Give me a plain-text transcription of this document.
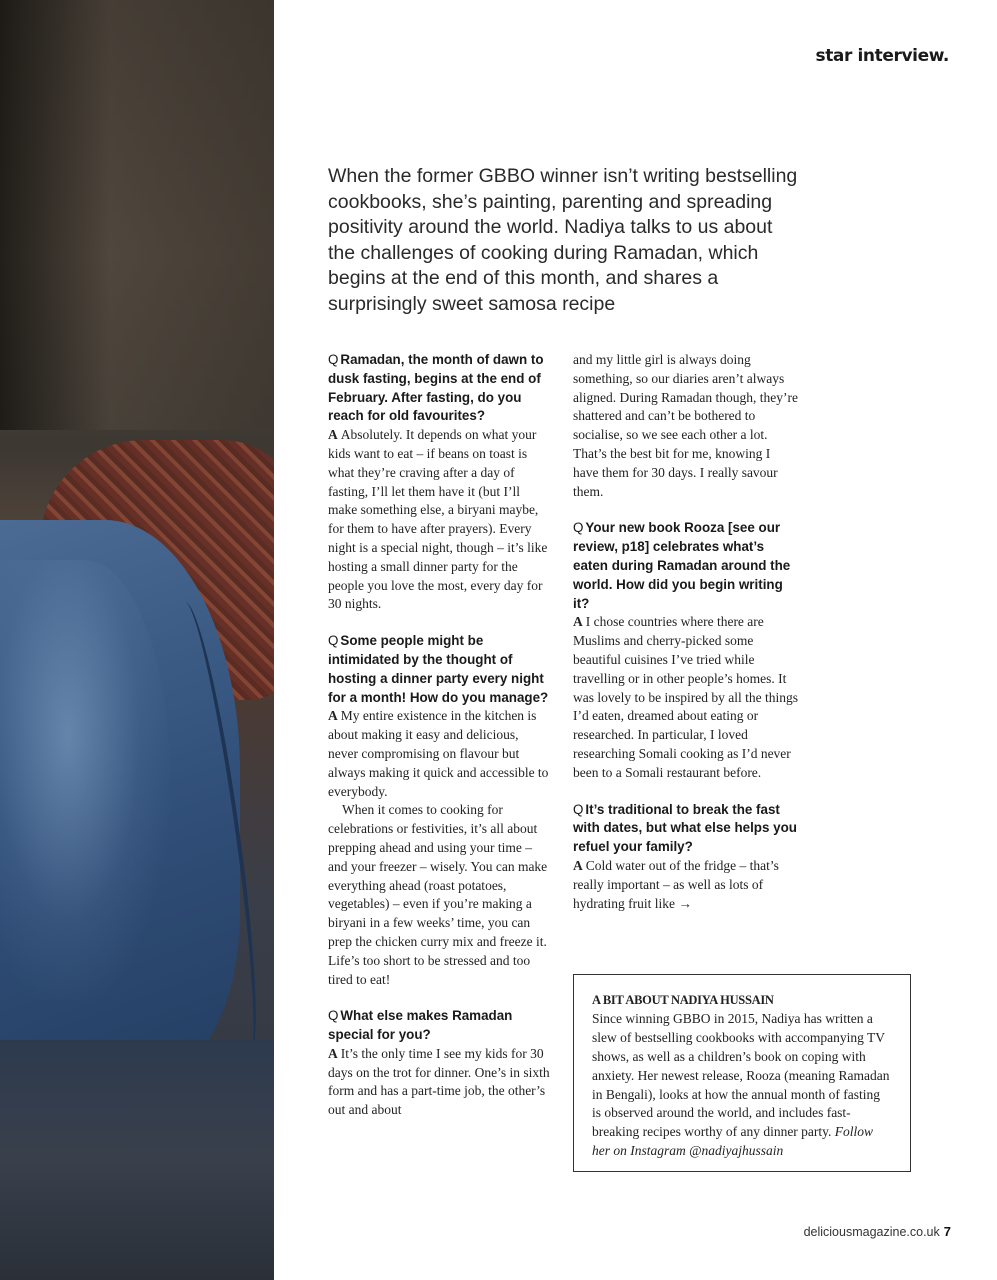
star interview.

When the former GBBO winner isn’t writing bestselling cookbooks, she’s painting, parenting and spreading positivity around the world. Nadiya talks to us about the challenges of cooking during Ramadan, which begins at the end of this month, and shares a surprisingly sweet samosa recipe

Q Ramadan, the month of dawn to dusk fasting, begins at the end of February. After fasting, do you reach for old favourites?

A Absolutely. It depends on what your kids want to eat – if beans on toast is what they’re craving after a day of fasting, I’ll let them have it (but I’ll make something else, a biryani maybe, for them to have after prayers). Every night is a special night, though – it’s like hosting a small dinner party for the people you love the most, every day for 30 nights.

Q Some people might be intimidated by the thought of hosting a dinner party every night for a month! How do you manage?

A My entire existence in the kitchen is about making it easy and delicious, never compromising on flavour but always making it quick and accessible to everybody.

When it comes to cooking for celebrations or festivities, it’s all about prepping ahead and using your time – and your freezer – wisely. You can make everything ahead (roast potatoes, vegetables) – even if you’re making a biryani in a few weeks’ time, you can prep the chicken curry mix and freeze it. Life’s too short to be stressed and too tired to eat!

Q What else makes Ramadan special for you?

A It’s the only time I see my kids for 30 days on the trot for dinner. One’s in sixth form and has a part-time job, the other’s out and about

and my little girl is always doing something, so our diaries aren’t always aligned. During Ramadan though, they’re shattered and can’t be bothered to socialise, so we see each other a lot. That’s the best bit for me, knowing I have them for 30 days. I really savour them.

Q Your new book Rooza [see our review, p18] celebrates what’s eaten during Ramadan around the world. How did you begin writing it?

A I chose countries where there are Muslims and cherry-picked some beautiful cuisines I’ve tried while travelling or in other people’s homes. It was lovely to be inspired by all the things I’d eaten, dreamed about eating or researched. In particular, I loved researching Somali cooking as I’d never been to a Somali restaurant before.

Q It’s traditional to break the fast with dates, but what else helps you refuel your family?

A Cold water out of the fridge – that’s really important – as well as lots of hydrating fruit like →

A BIT ABOUT NADIYA HUSSAIN

Since winning GBBO in 2015, Nadiya has written a slew of bestselling cookbooks with accompanying TV shows, as well as a children’s book on coping with anxiety. Her newest release, Rooza (meaning Ramadan in Bengali), looks at how the annual month of fasting is observed around the world, and includes fast-breaking recipes worthy of any dinner party. Follow her on Instagram @nadiyajhussain

deliciousmagazine.co.uk 7
